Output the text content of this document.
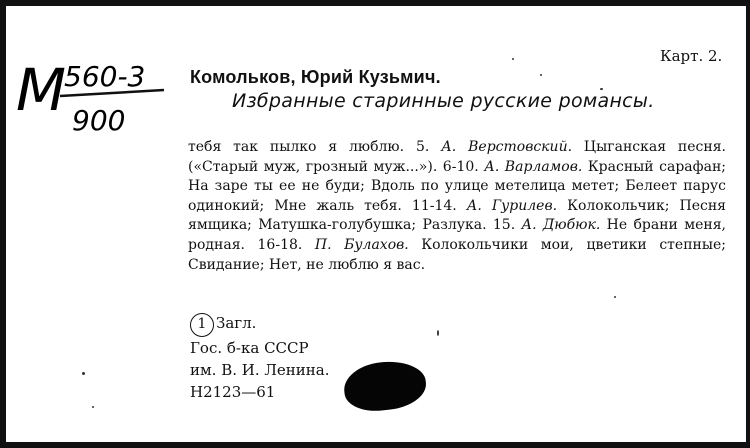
М
560-3
900
Карт. 2.
Комольков, Юрий Кузьмич.
Избранные старинные русские романсы.
тебя так пылко я люблю. 5. А. Верстовский. Цыганская песня. («Старый муж, грозный муж...»). 6-10. А. Варламов. Красный сарафан; На заре ты ее не буди; Вдоль по улице метелица метет; Белеет парус одинокий; Мне жаль тебя. 11-14. А. Гурилев. Колокольчик; Песня ямщика; Матушка-голубушка; Разлука. 15. А. Дюбюк. Не брани меня, родная. 16-18. П. Булахов. Колокольчики мои, цветики степные; Свидание; Нет, не люблю я вас.
1 Загл.
Гос. б-ка СССР
им. В. И. Ленина.
Н2123—61
